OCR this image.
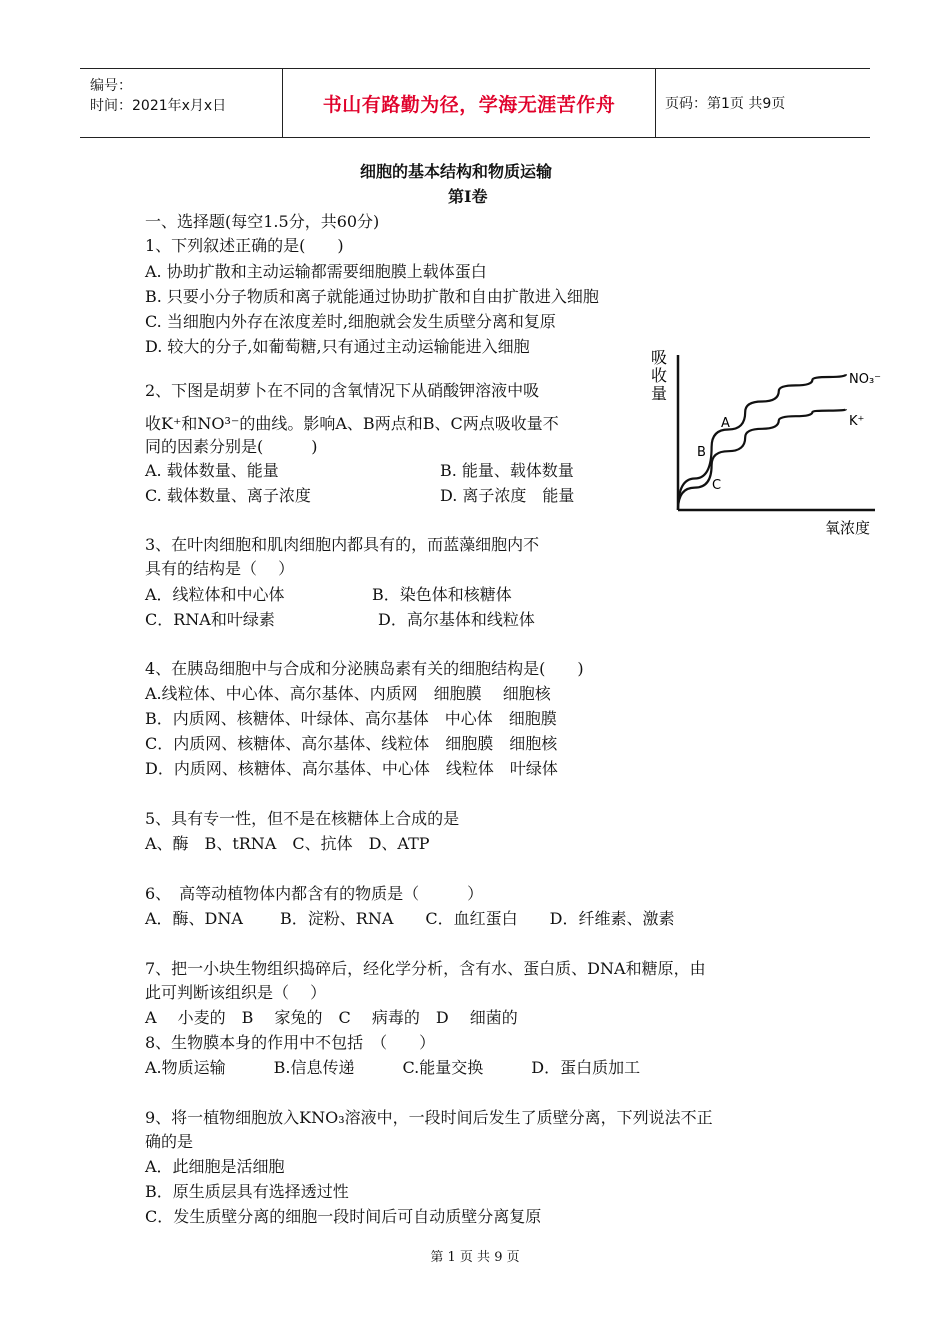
编号：
时间：2021年x月x日	书山有路勤为径，学海无涯苦作舟	页码：第1页 共9页
细胞的基本结构和物质运输
第Ⅰ卷
一、选择题(每空1.5分，共60分)
1、下列叙述正确的是(　　)
A. 协助扩散和主动运输都需要细胞膜上载体蛋白
B. 只要小分子物质和离子就能通过协助扩散和自由扩散进入细胞
C. 当细胞内外存在浓度差时,细胞就会发生质壁分离和复原
D. 较大的分子,如葡萄糖,只有通过主动运输能进入细胞
2、下图是胡萝卜在不同的含氧情况下从硝酸钾溶液中吸
收K⁺和NO³⁻的曲线。影响A、B两点和B、C两点吸收量不
同的因素分别是(　　　)
A. 载体数量、能量	B. 能量、载体数量
C. 载体数量、离子浓度	D. 离子浓度　能量
吸
收
量
氧浓度
NO₃⁻
K⁺
A
B
C
3、在叶肉细胞和肌肉细胞内都具有的，而蓝藻细胞内不
具有的结构是（　 ）
A．线粒体和中心体	B．染色体和核糖体
C．RNA和叶绿素	D．高尔基体和线粒体
4、在胰岛细胞中与合成和分泌胰岛素有关的细胞结构是(　　)
A.线粒体、中心体、高尔基体、内质网　细胞膜　 细胞核
B．内质网、核糖体、叶绿体、高尔基体　中心体　细胞膜
C．内质网、核糖体、高尔基体、线粒体　细胞膜　细胞核
D．内质网、核糖体、高尔基体、中心体　线粒体　叶绿体
5、具有专一性，但不是在核糖体上合成的是
A、酶　B、tRNA　C、抗体　D、ATP
6、　高等动植物体内都含有的物质是（　　　）
A．酶、DNA　　 B．淀粉、RNA　　C．血红蛋白　　D．纤维素、激素
7、把一小块生物组织捣碎后，经化学分析，含有水、蛋白质、DNA和糖原，由
此可判断该组织是（　 ）
A　 小麦的　B　 家兔的　C　 病毒的　D　 细菌的
8、生物膜本身的作用中不包括　（　　）
A.物质运输　　　B.信息传递　　　C.能量交换　　　D．蛋白质加工
9、将一植物细胞放入KNO₃溶液中，一段时间后发生了质壁分离，下列说法不正
确的是
A．此细胞是活细胞
B．原生质层具有选择透过性
C．发生质壁分离的细胞一段时间后可自动质壁分离复原
第 1 页 共 9 页
